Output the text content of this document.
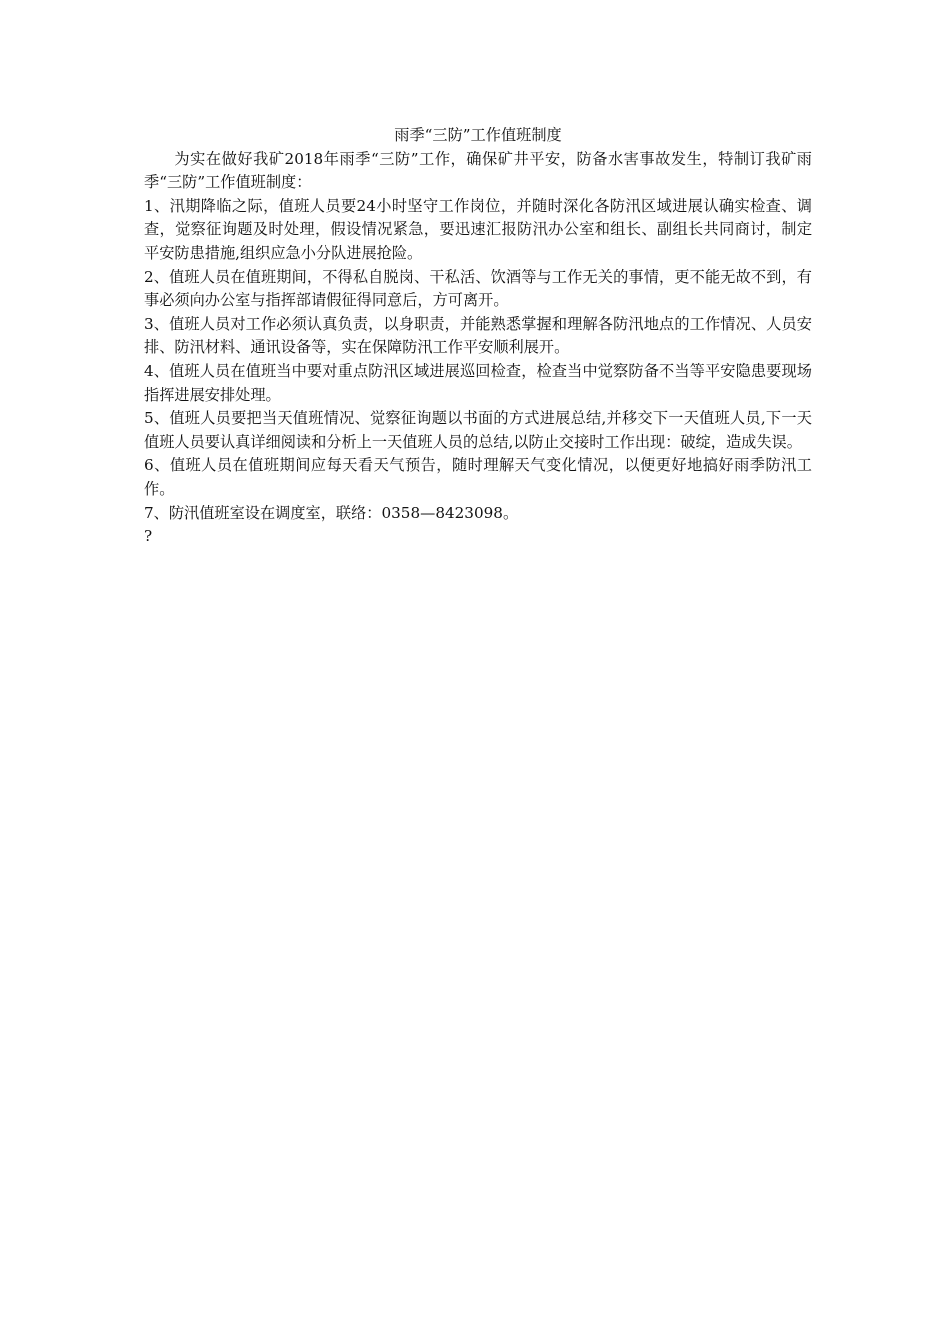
雨季“三防”工作值班制度

为实在做好我矿2018年雨季“三防”工作，确保矿井平安，防备水害事故发生，特制订我矿雨季“三防”工作值班制度：

1、汛期降临之际，值班人员要24小时坚守工作岗位，并随时深化各防汛区域进展认确实检查、调查，觉察征询题及时处理，假设情况紧急，要迅速汇报防汛办公室和组长、副组长共同商讨，制定平安防患措施,组织应急小分队进展抢险。

2、值班人员在值班期间，不得私自脱岗、干私活、饮酒等与工作无关的事情，更不能无故不到，有事必须向办公室与指挥部请假征得同意后，方可离开。

3、值班人员对工作必须认真负责，以身职责，并能熟悉掌握和理解各防汛地点的工作情况、人员安排、防汛材料、通讯设备等，实在保障防汛工作平安顺利展开。

4、值班人员在值班当中要对重点防汛区域进展巡回检查，检查当中觉察防备不当等平安隐患要现场指挥进展安排处理。

5、值班人员要把当天值班情况、觉察征询题以书面的方式进展总结,并移交下一天值班人员,下一天值班人员要认真详细阅读和分析上一天值班人员的总结,以防止交接时工作出现：破绽，造成失误。

6、值班人员在值班期间应每天看天气预告，随时理解天气变化情况，以便更好地搞好雨季防汛工作。

7、防汛值班室设在调度室，联络：0358—8423098。

?
